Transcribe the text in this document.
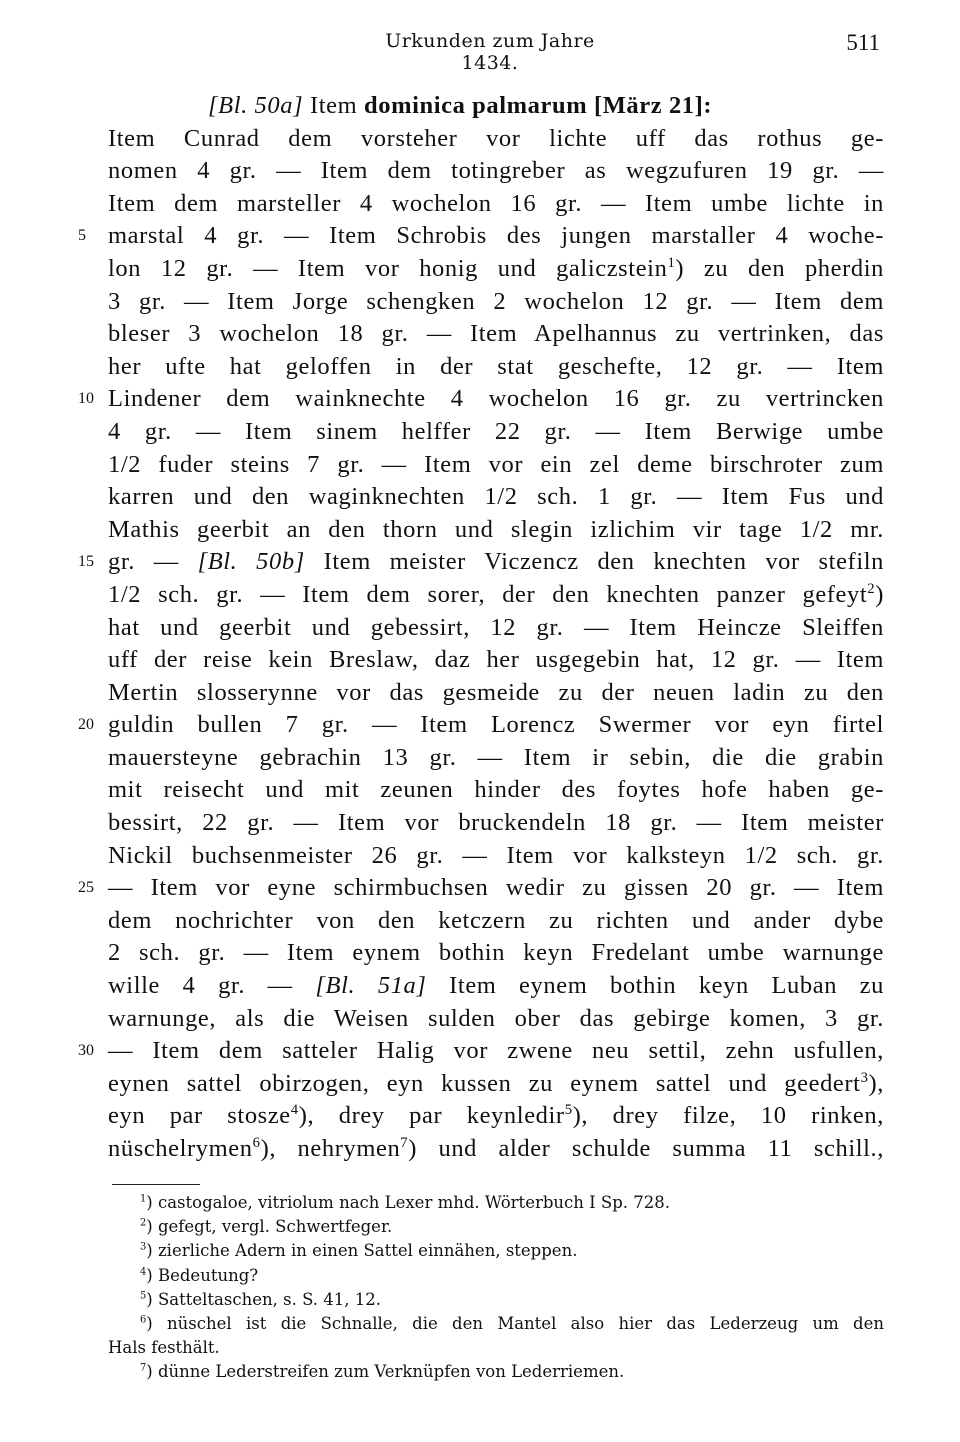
Urkunden zum Jahre 1434.
511
[Bl. 50a] Item dominica palmarum [März 21]:
Item Cunrad dem vorsteher vor lichte uff das rothus ge-
nomen 4 gr. — Item dem totingreber as wegzufuren 19 gr. —
Item dem marsteller 4 wochelon 16 gr. — Item umbe lichte in
5 marstal 4 gr. — Item Schrobis des jungen marstaller 4 woche-
lon 12 gr. — Item vor honig und galiczstein$^1$) zu den pherdin
3 gr. — Item Jorge schengken 2 wochelon 12 gr. — Item dem
bleser 3 wochelon 18 gr. — Item Apelhannus zu vertrinken, das
her ufte hat geloffen in der stat geschefte, 12 gr. — Item
10 Lindener dem wainknechte 4 wochelon 16 gr. zu vertrincken
4 gr. — Item sinem helffer 22 gr. — Item Berwige umbe
1/2 fuder steins 7 gr. — Item vor ein zel deme birschroter zum
karren und den waginknechten 1/2 sch. 1 gr. — Item Fus und
Mathis geerbit an den thorn und slegin izlichim vir tage 1/2 mr.
15 gr. — [Bl. 50b] Item meister Viczencz den knechten vor stefiln
1/2 sch. gr. — Item dem sorer, der den knechten panzer gefeyt$^2$)
hat und geerbit und gebessirt, 12 gr. — Item Heincze Sleiffen
uff der reise kein Breslaw, daz her usgegebin hat, 12 gr. — Item
Mertin slosserynne vor das gesmeide zu der neuen ladin zu den
20 guldin bullen 7 gr. — Item Lorencz Swermer vor eyn firtel
mauersteyne gebrachin 13 gr. — Item ir sebin, die die grabin
mit reisecht und mit zeunen hinder des foytes hofe haben ge-
bessirt, 22 gr. — Item vor bruckendeln 18 gr. — Item meister
Nickil buchsenmeister 26 gr. — Item vor kalksteyn 1/2 sch. gr.
25 — Item vor eyne schirmbuchsen wedir zu gissen 20 gr. — Item
dem nochrichter von den ketczern zu richten und ander dybe
2 sch. gr. — Item eynem bothin keyn Fredelant umbe warnunge
wille 4 gr. — [Bl. 51a] Item eynem bothin keyn Luban zu
warnunge, als die Weisen sulden ober das gebirge komen, 3 gr.
30 — Item dem satteler Halig vor zwene neu settil, zehn usfullen,
eynen sattel obirzogen, eyn kussen zu eynem sattel und geedert$^3$),
eyn par stosze$^4$), drey par keynledir$^5$), drey filze, 10 rinken,
nüschelrymen$^6$), nehrymen$^7$) und alder schulde summa 11 schill.,
$^1$) castogaloe, vitriolum nach Lexer mhd. Wörterbuch I Sp. 728.
$^2$) gefegt, vergl. Schwertfeger.
$^3$) zierliche Adern in einen Sattel einnähen, steppen.
$^4$) Bedeutung?
$^5$) Satteltaschen, s. S. 41, 12.
$^6$) nüschel ist die Schnalle, die den Mantel also hier das Lederzeug um den
Hals festhält.
$^7$) dünne Lederstreifen zum Verknüpfen von Lederriemen.
